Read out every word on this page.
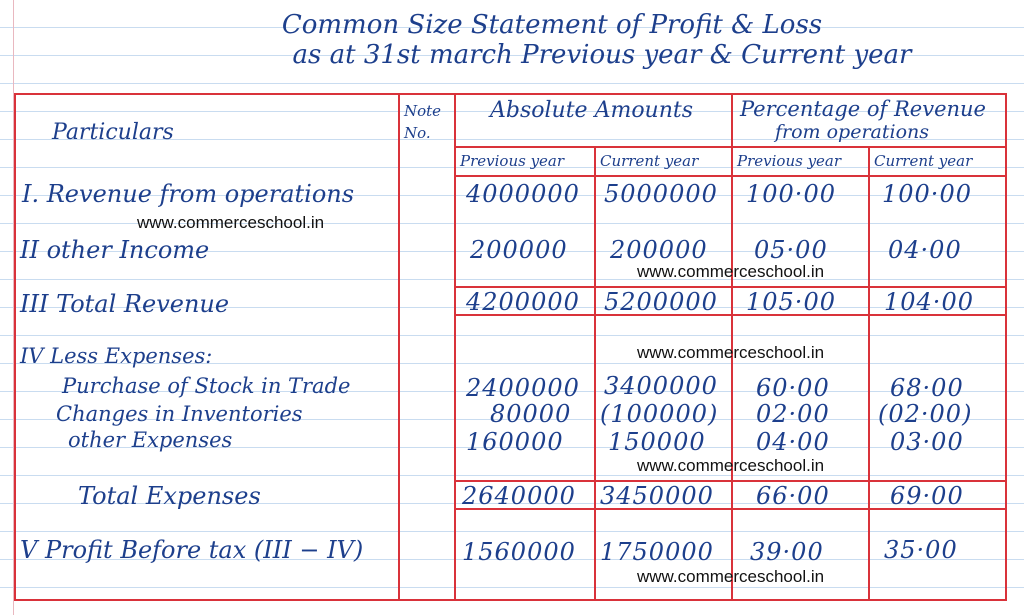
Common Size Statement of Profit & Loss
as at 31st march Previous year & Current year
Particulars
Note No.
Absolute Amounts Percentage of Revenue
from operations
Previous year Current year	Previous year Current year
I. Revenue from operations	4000000 5000000 100·00 100·00
II other Income	200000 200000 05·00	04·00
III Total Revenue	4200000 5200000 105·00 104·00
IV Less Expenses:
Purchase of Stock in Trade	2400000 3400000 60·00	68·00
Changes in Inventories	80000 (100000) 02·00 (02·00)
other Expenses	160000 150000 04·00	03·00
Total Expenses	2640000 3450000 66·00	69·00
V Profit Before tax (III − IV)	1560000 1750000 39·00	35·00
www.commerceschool.in
www.commerceschool.in
www.commerceschool.in
www.commerceschool.in
www.commerceschool.in
